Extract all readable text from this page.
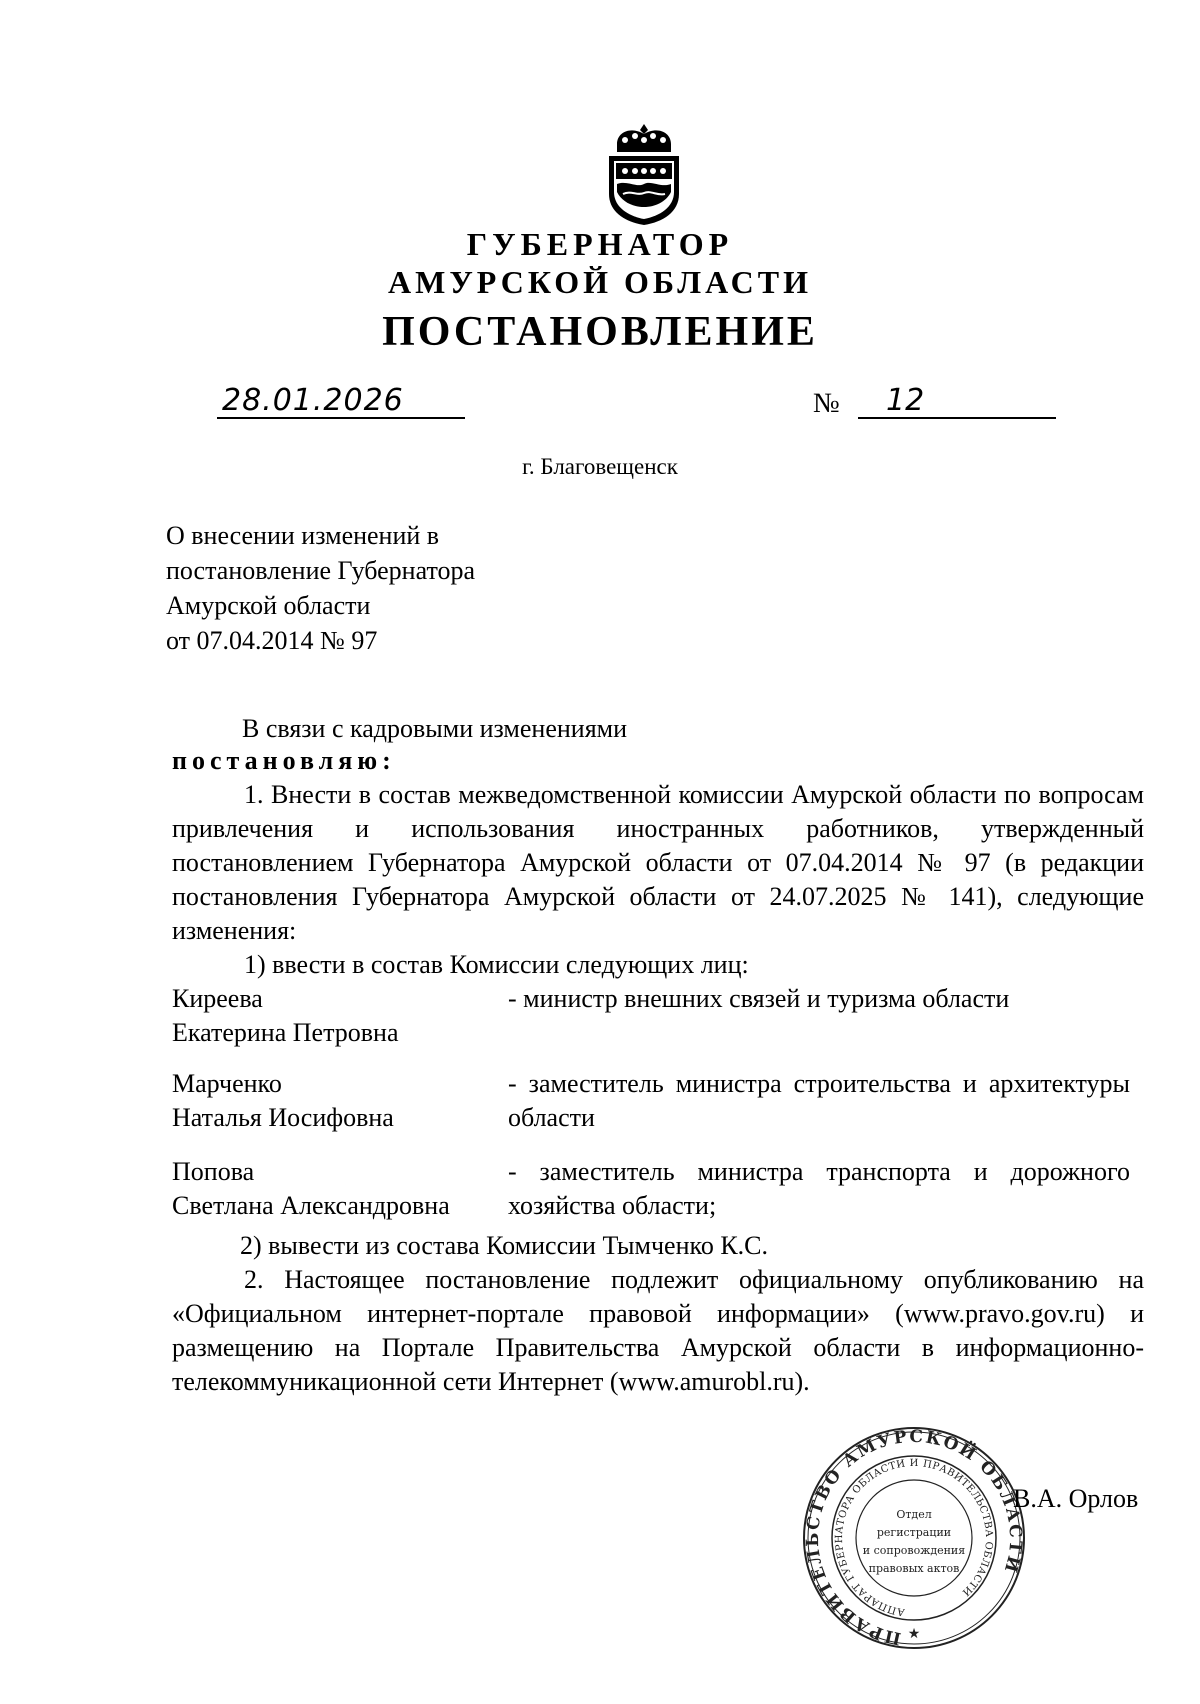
ГУБЕРНАТОР
АМУРСКОЙ ОБЛАСТИ
ПОСТАНОВЛЕНИЕ
28.01.2026	№ 12
г. Благовещенск
О внесении изменений в
постановление Губернатора
Амурской области
от 07.04.2014 № 97
В связи с кадровыми изменениями
постановляю:
1. Внести в состав межведомственной комиссии Амурской области по вопросам привлечения и использования иностранных работников, утвержденный постановлением Губернатора Амурской области от 07.04.2014 № 97 (в редакции постановления Губернатора Амурской области от 24.07.2025 № 141), следующие изменения:
1) ввести в состав Комиссии следующих лиц:
Киреева
Екатерина Петровна
- министр внешних связей и туризма области
Марченко
Наталья Иосифовна
- заместитель министра строительства и архитектуры области
Попова
Светлана Александровна
- заместитель министра транспорта и дорожного хозяйства области;
2) вывести из состава Комиссии Тымченко К.С.
2. Настоящее постановление подлежит официальному опубликованию на «Официальном интернет-портале правовой информации» (www.pravo.gov.ru) и размещению на Портале Правительства Амурской области в информационно-телекоммуникационной сети Интернет (www.amurobl.ru).
ПРАВИТЕЛЬСТВО АМУРСКОЙ ОБЛАСТИ
АППАРАТ ГУБЕРНАТОРА ОБЛАСТИ И ПРАВИТЕЛЬСТВА ОБЛАСТИ
Отдел
регистрации
и сопровождения
правовых актов
★
В.А. Орлов
